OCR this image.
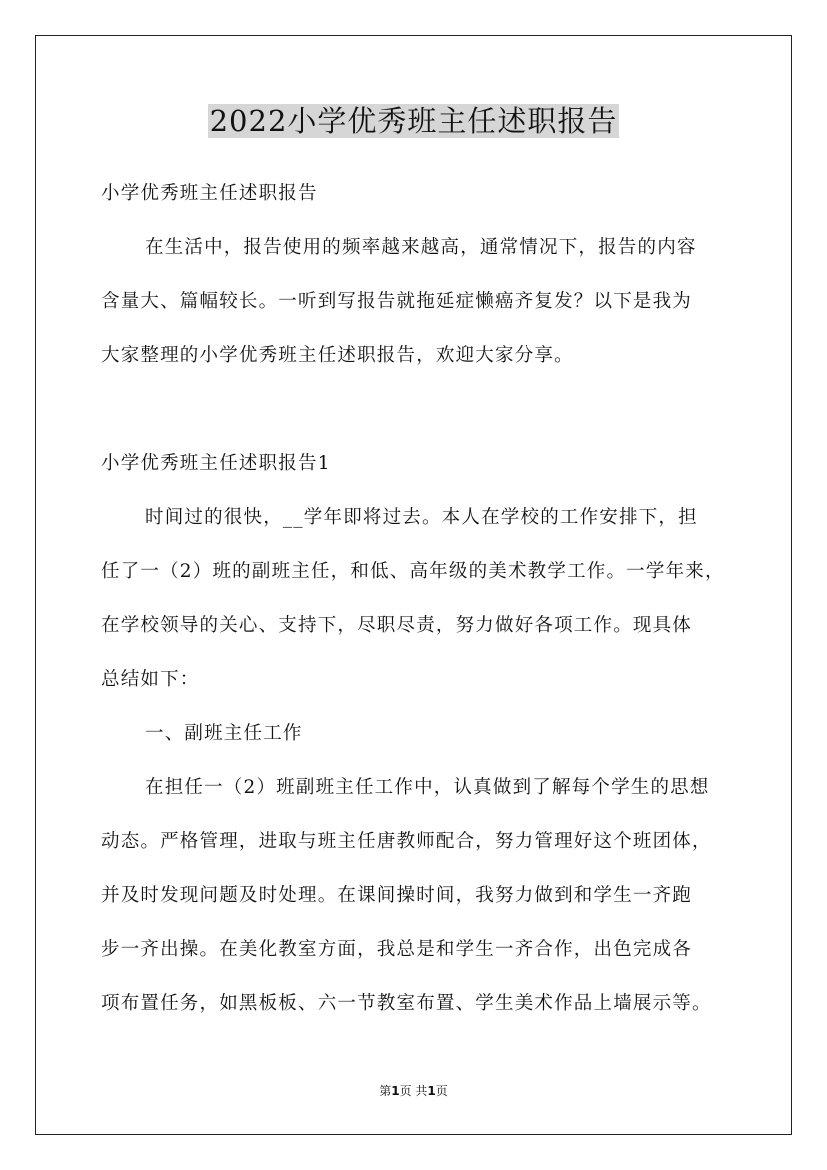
2022小学优秀班主任述职报告

小学优秀班主任述职报告

在生活中，报告使用的频率越来越高，通常情况下，报告的内容

含量大、篇幅较长。一听到写报告就拖延症懒癌齐复发？以下是我为

大家整理的小学优秀班主任述职报告，欢迎大家分享。

小学优秀班主任述职报告1

时间过的很快，__学年即将过去。本人在学校的工作安排下，担

任了一（2）班的副班主任，和低、高年级的美术教学工作。一学年来，

在学校领导的关心、支持下，尽职尽责，努力做好各项工作。现具体

总结如下：

一、副班主任工作

在担任一（2）班副班主任工作中，认真做到了解每个学生的思想

动态。严格管理，进取与班主任唐教师配合，努力管理好这个班团体，

并及时发现问题及时处理。在课间操时间，我努力做到和学生一齐跑

步一齐出操。在美化教室方面，我总是和学生一齐合作，出色完成各

项布置任务，如黑板板、六一节教室布置、学生美术作品上墙展示等。

第1页 共1页
